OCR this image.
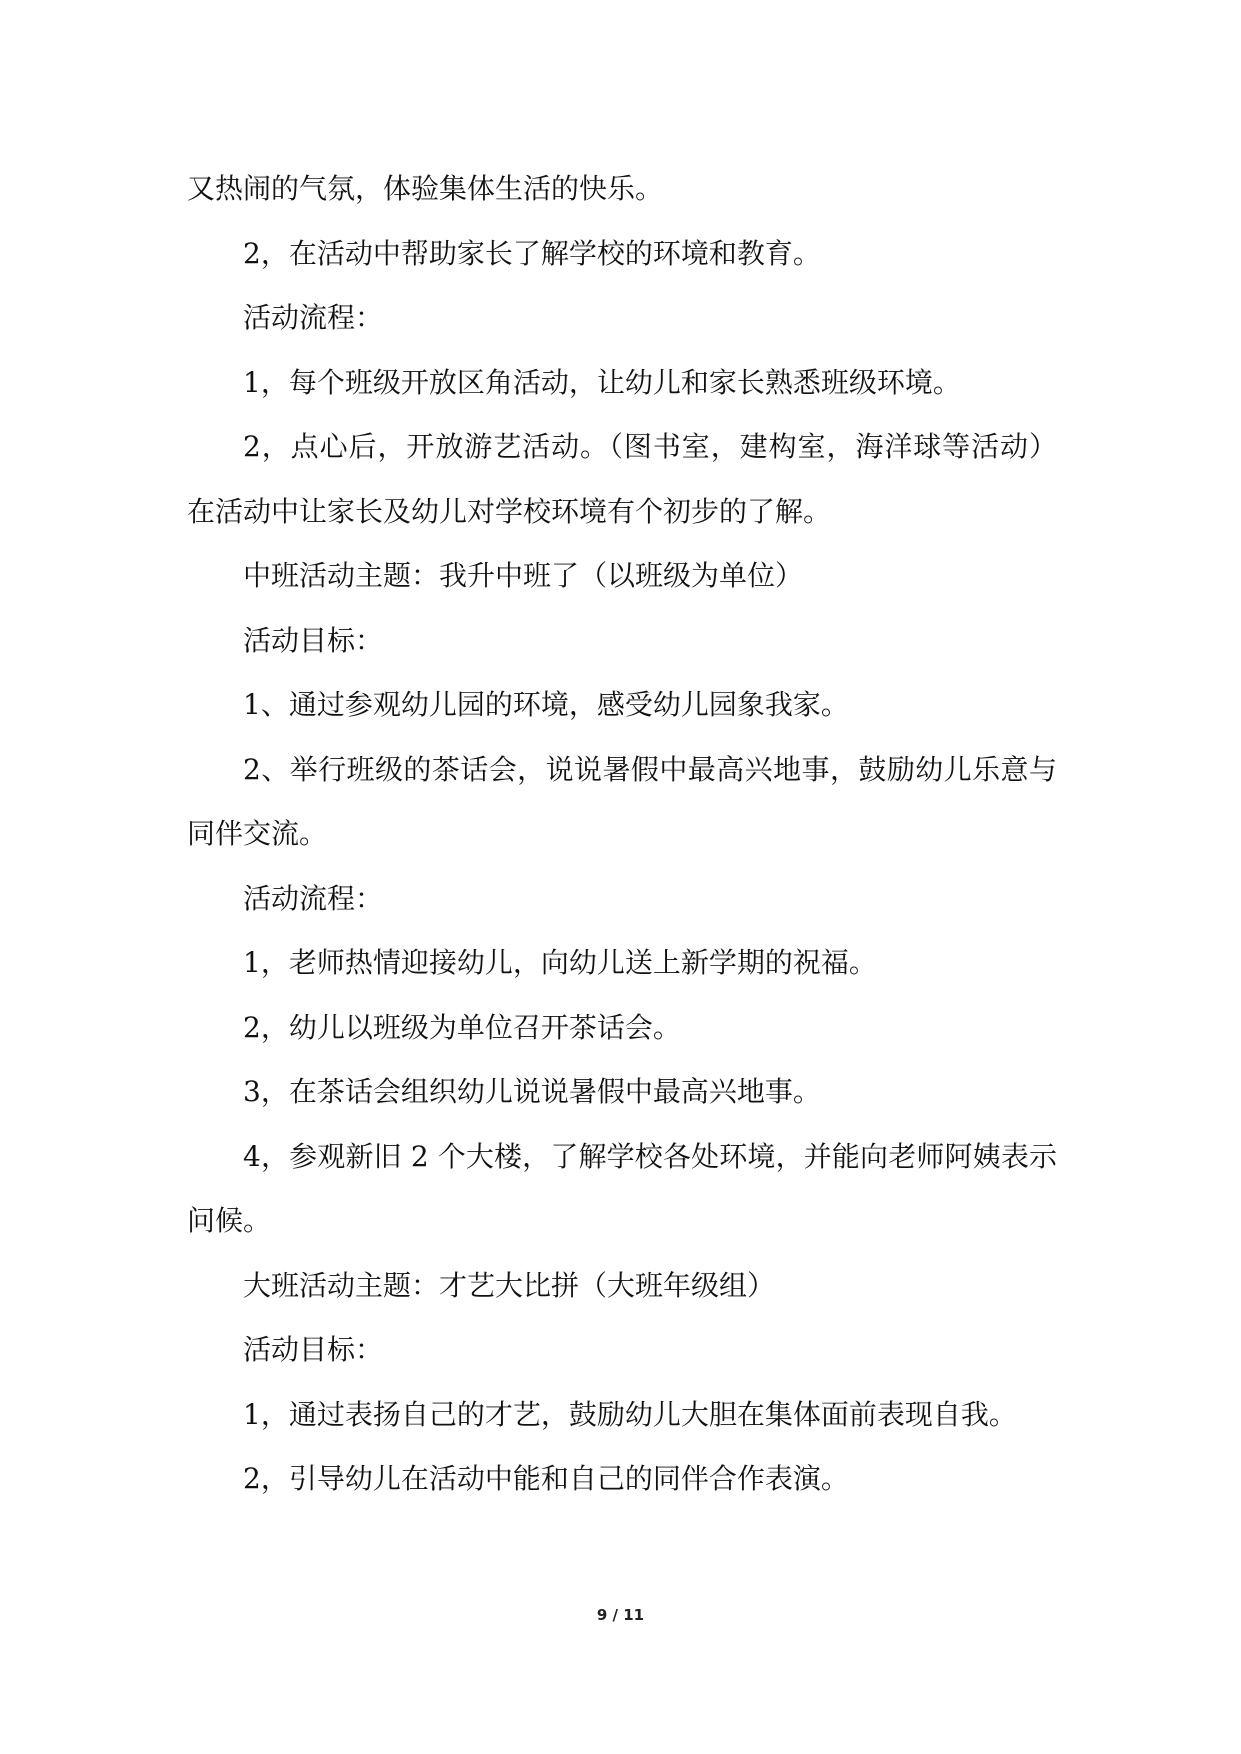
又热闹的气氛，体验集体生活的快乐。

2，在活动中帮助家长了解学校的环境和教育。

活动流程：

1，每个班级开放区角活动，让幼儿和家长熟悉班级环境。

2，点心后，开放游艺活动。（图书室，建构室，海洋球等活动）在活动中让家长及幼儿对学校环境有个初步的了解。

中班活动主题：我升中班了（以班级为单位）

活动目标：

1、通过参观幼儿园的环境，感受幼儿园象我家。

2、举行班级的茶话会，说说暑假中最高兴地事，鼓励幼儿乐意与同伴交流。

活动流程：

1，老师热情迎接幼儿，向幼儿送上新学期的祝福。

2，幼儿以班级为单位召开茶话会。

3，在茶话会组织幼儿说说暑假中最高兴地事。

4，参观新旧 2 个大楼，了解学校各处环境，并能向老师阿姨表示问候。

大班活动主题：才艺大比拼（大班年级组）

活动目标：

1，通过表扬自己的才艺，鼓励幼儿大胆在集体面前表现自我。

2，引导幼儿在活动中能和自己的同伴合作表演。

9 / 11
